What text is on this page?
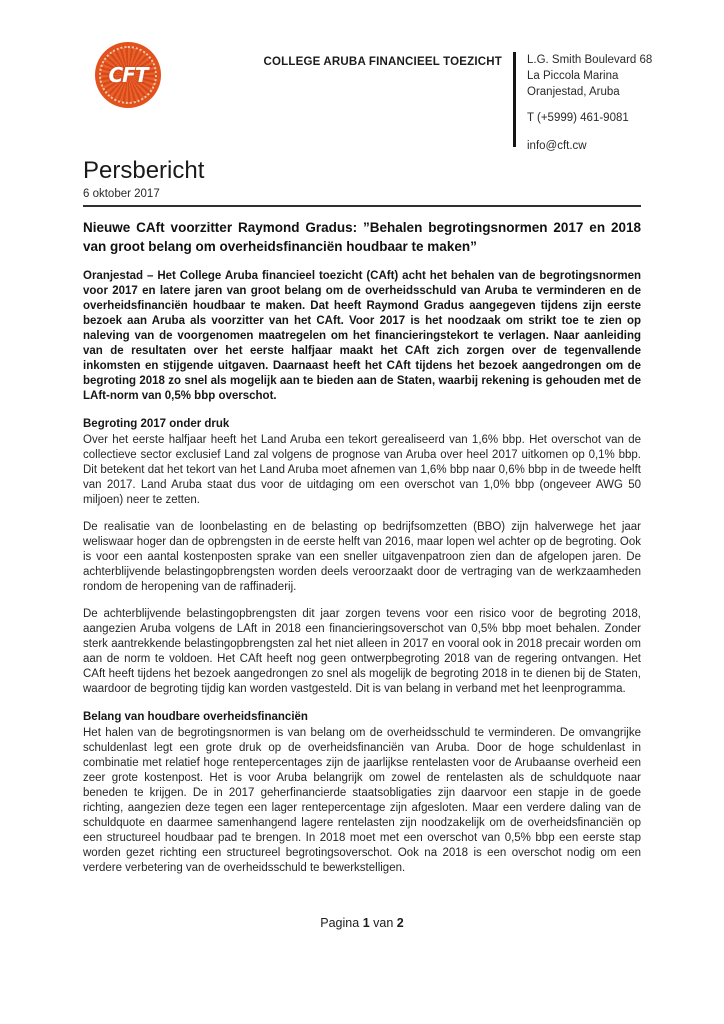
CFT
COLLEGE ARUBA FINANCIEEL TOEZICHT L.G. Smith Boulevard 68
La Piccola Marina
Oranjestad, Aruba
T (+5999) 461-9081
info@cft.cw
Persbericht
6 oktober 2017
Nieuwe CAft voorzitter Raymond Gradus: ”Behalen begrotingsnormen 2017 en 2018 van groot belang om overheidsfinanciën houdbaar te maken”
Oranjestad – Het College Aruba financieel toezicht (CAft) acht het behalen van de begrotingsnormen voor 2017 en latere jaren van groot belang om de overheidsschuld van Aruba te verminderen en de overheidsfinanciën houdbaar te maken. Dat heeft Raymond Gradus aangegeven tijdens zijn eerste bezoek aan Aruba als voorzitter van het CAft. Voor 2017 is het noodzaak om strikt toe te zien op naleving van de voorgenomen maatregelen om het financieringstekort te verlagen. Naar aanleiding van de resultaten over het eerste halfjaar maakt het CAft zich zorgen over de tegenvallende inkomsten en stijgende uitgaven. Daarnaast heeft het CAft tijdens het bezoek aangedrongen om de begroting 2018 zo snel als mogelijk aan te bieden aan de Staten, waarbij rekening is gehouden met de LAft-norm van 0,5% bbp overschot.
Begroting 2017 onder druk

Over het eerste halfjaar heeft het Land Aruba een tekort gerealiseerd van 1,6% bbp. Het overschot van de collectieve sector exclusief Land zal volgens de prognose van Aruba over heel 2017 uitkomen op 0,1% bbp. Dit betekent dat het tekort van het Land Aruba moet afnemen van 1,6% bbp naar 0,6% bbp in de tweede helft van 2017. Land Aruba staat dus voor de uitdaging om een overschot van 1,0% bbp (ongeveer AWG 50 miljoen) neer te zetten.

De realisatie van de loonbelasting en de belasting op bedrijfsomzetten (BBO) zijn halverwege het jaar weliswaar hoger dan de opbrengsten in de eerste helft van 2016, maar lopen wel achter op de begroting. Ook is voor een aantal kostenposten sprake van een sneller uitgavenpatroon zien dan de afgelopen jaren. De achterblijvende belastingopbrengsten worden deels veroorzaakt door de vertraging van de werkzaamheden rondom de heropening van de raffinaderij.

De achterblijvende belastingopbrengsten dit jaar zorgen tevens voor een risico voor de begroting 2018, aangezien Aruba volgens de LAft in 2018 een financieringsoverschot van 0,5% bbp moet behalen. Zonder sterk aantrekkende belastingopbrengsten zal het niet alleen in 2017 en vooral ook in 2018 precair worden om aan de norm te voldoen. Het CAft heeft nog geen ontwerpbegroting 2018 van de regering ontvangen. Het CAft heeft tijdens het bezoek aangedrongen zo snel als mogelijk de begroting 2018 in te dienen bij de Staten, waardoor de begroting tijdig kan worden vastgesteld. Dit is van belang in verband met het leenprogramma.

Belang van houdbare overheidsfinanciën

Het halen van de begrotingsnormen is van belang om de overheidsschuld te verminderen. De omvangrijke schuldenlast legt een grote druk op de overheidsfinanciën van Aruba. Door de hoge schuldenlast in combinatie met relatief hoge rentepercentages zijn de jaarlijkse rentelasten voor de Arubaanse overheid een zeer grote kostenpost. Het is voor Aruba belangrijk om zowel de rentelasten als de schuldquote naar beneden te krijgen. De in 2017 geherfinancierde staatsobligaties zijn daarvoor een stapje in de goede richting, aangezien deze tegen een lager rentepercentage zijn afgesloten. Maar een verdere daling van de schuldquote en daarmee samenhangend lagere rentelasten zijn noodzakelijk om de overheidsfinanciën op een structureel houdbaar pad te brengen. In 2018 moet met een overschot van 0,5% bbp een eerste stap worden gezet richting een structureel begrotingsoverschot. Ook na 2018 is een overschot nodig om een verdere verbetering van de overheidsschuld te bewerkstelligen.

Pagina 1 van 2
